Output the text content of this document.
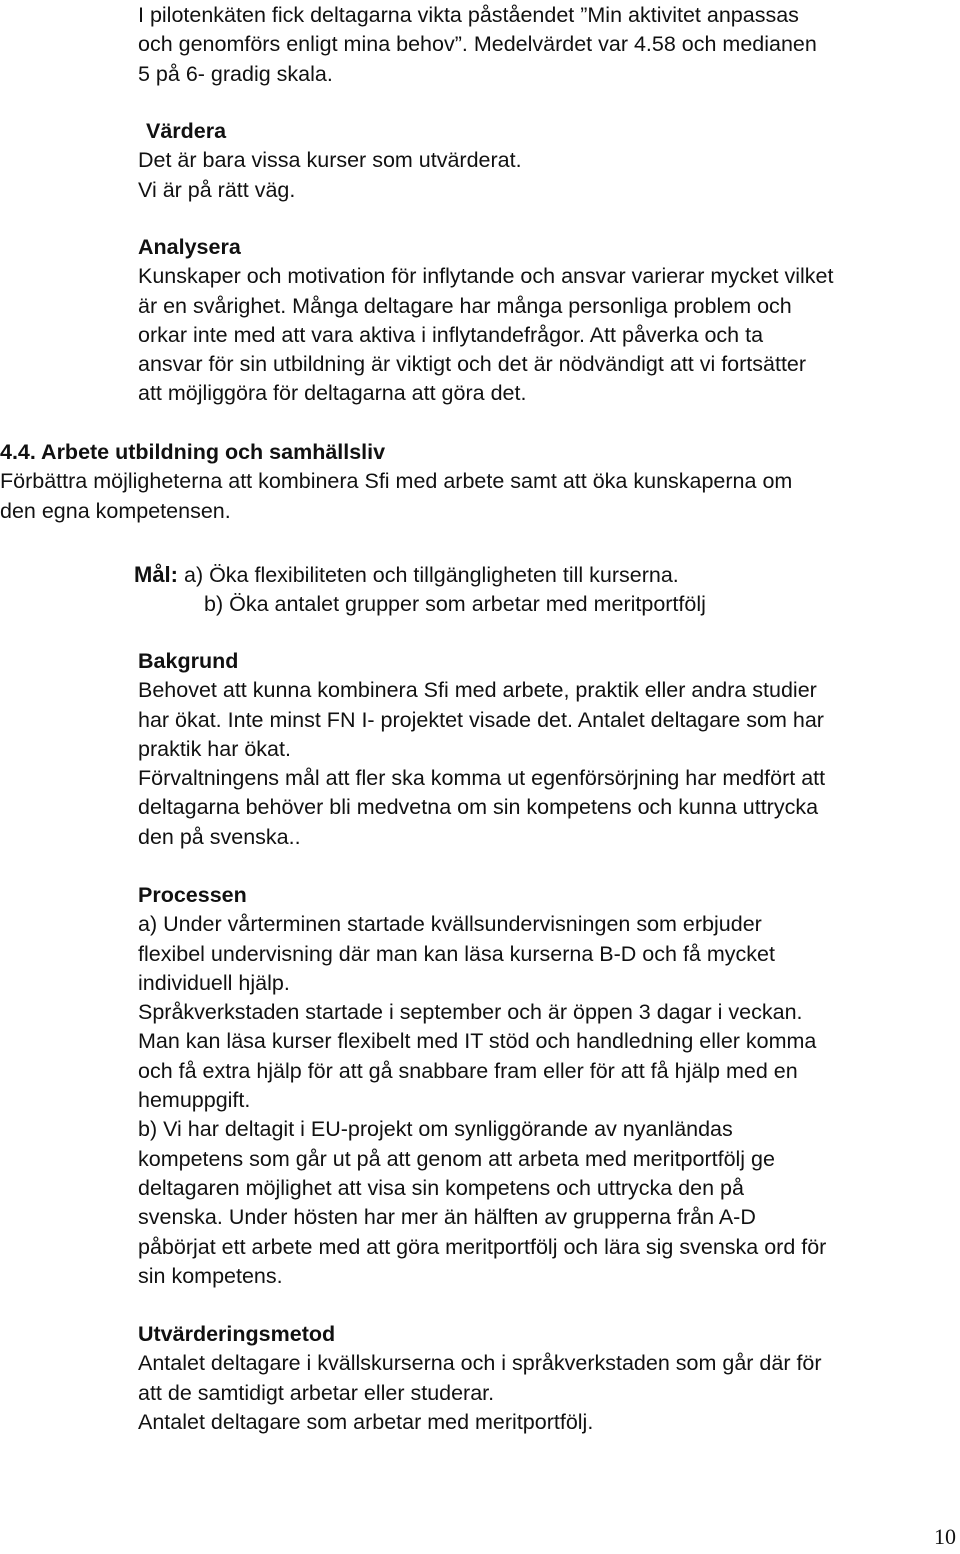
I pilotenkäten fick deltagarna vikta påståendet ”Min aktivitet anpassas
och genomförs enligt mina behov”. Medelvärdet var 4.58 och medianen
5 på 6- gradig skala.
Värdera
Det är bara vissa kurser som utvärderat.
Vi är på rätt väg.
Analysera
Kunskaper och motivation för inflytande och ansvar varierar mycket vilket
är en svårighet. Många deltagare har många personliga problem och
orkar inte med att vara aktiva i inflytandefrågor. Att påverka och ta
ansvar för sin utbildning är viktigt och det är nödvändigt att vi fortsätter
att möjliggöra för deltagarna att göra det.
4.4. Arbete utbildning och samhällsliv
Förbättra möjligheterna att kombinera Sfi med arbete samt att öka kunskaperna om
den egna kompetensen.
Mål: a) Öka flexibiliteten och tillgängligheten till kurserna.
b) Öka antalet grupper som arbetar med meritportfölj
Bakgrund
Behovet att kunna kombinera Sfi med arbete, praktik eller andra studier
har ökat. Inte minst FN I- projektet visade det. Antalet deltagare som har
praktik har ökat.
Förvaltningens mål att fler ska komma ut egenförsörjning har medfört att
deltagarna behöver bli medvetna om sin kompetens och kunna uttrycka
den på svenska..
Processen
a) Under vårterminen startade kvällsundervisningen som erbjuder
flexibel undervisning där man kan läsa kurserna B-D och få mycket
individuell hjälp.
Språkverkstaden startade i september och är öppen 3 dagar i veckan.
Man kan läsa kurser flexibelt med IT stöd och handledning eller komma
och få extra hjälp för att gå snabbare fram eller för att få hjälp med en
hemuppgift.
b) Vi har deltagit i EU-projekt om synliggörande av nyanländas
kompetens som går ut på att genom att arbeta med meritportfölj ge
deltagaren möjlighet att visa sin kompetens och uttrycka den på
svenska. Under hösten har mer än hälften av grupperna från A-D
påbörjat ett arbete med att göra meritportfölj och lära sig svenska ord för
sin kompetens.
Utvärderingsmetod
Antalet deltagare i kvällskurserna och i språkverkstaden som går där för
att de samtidigt arbetar eller studerar.
Antalet deltagare som arbetar med meritportfölj.
10
